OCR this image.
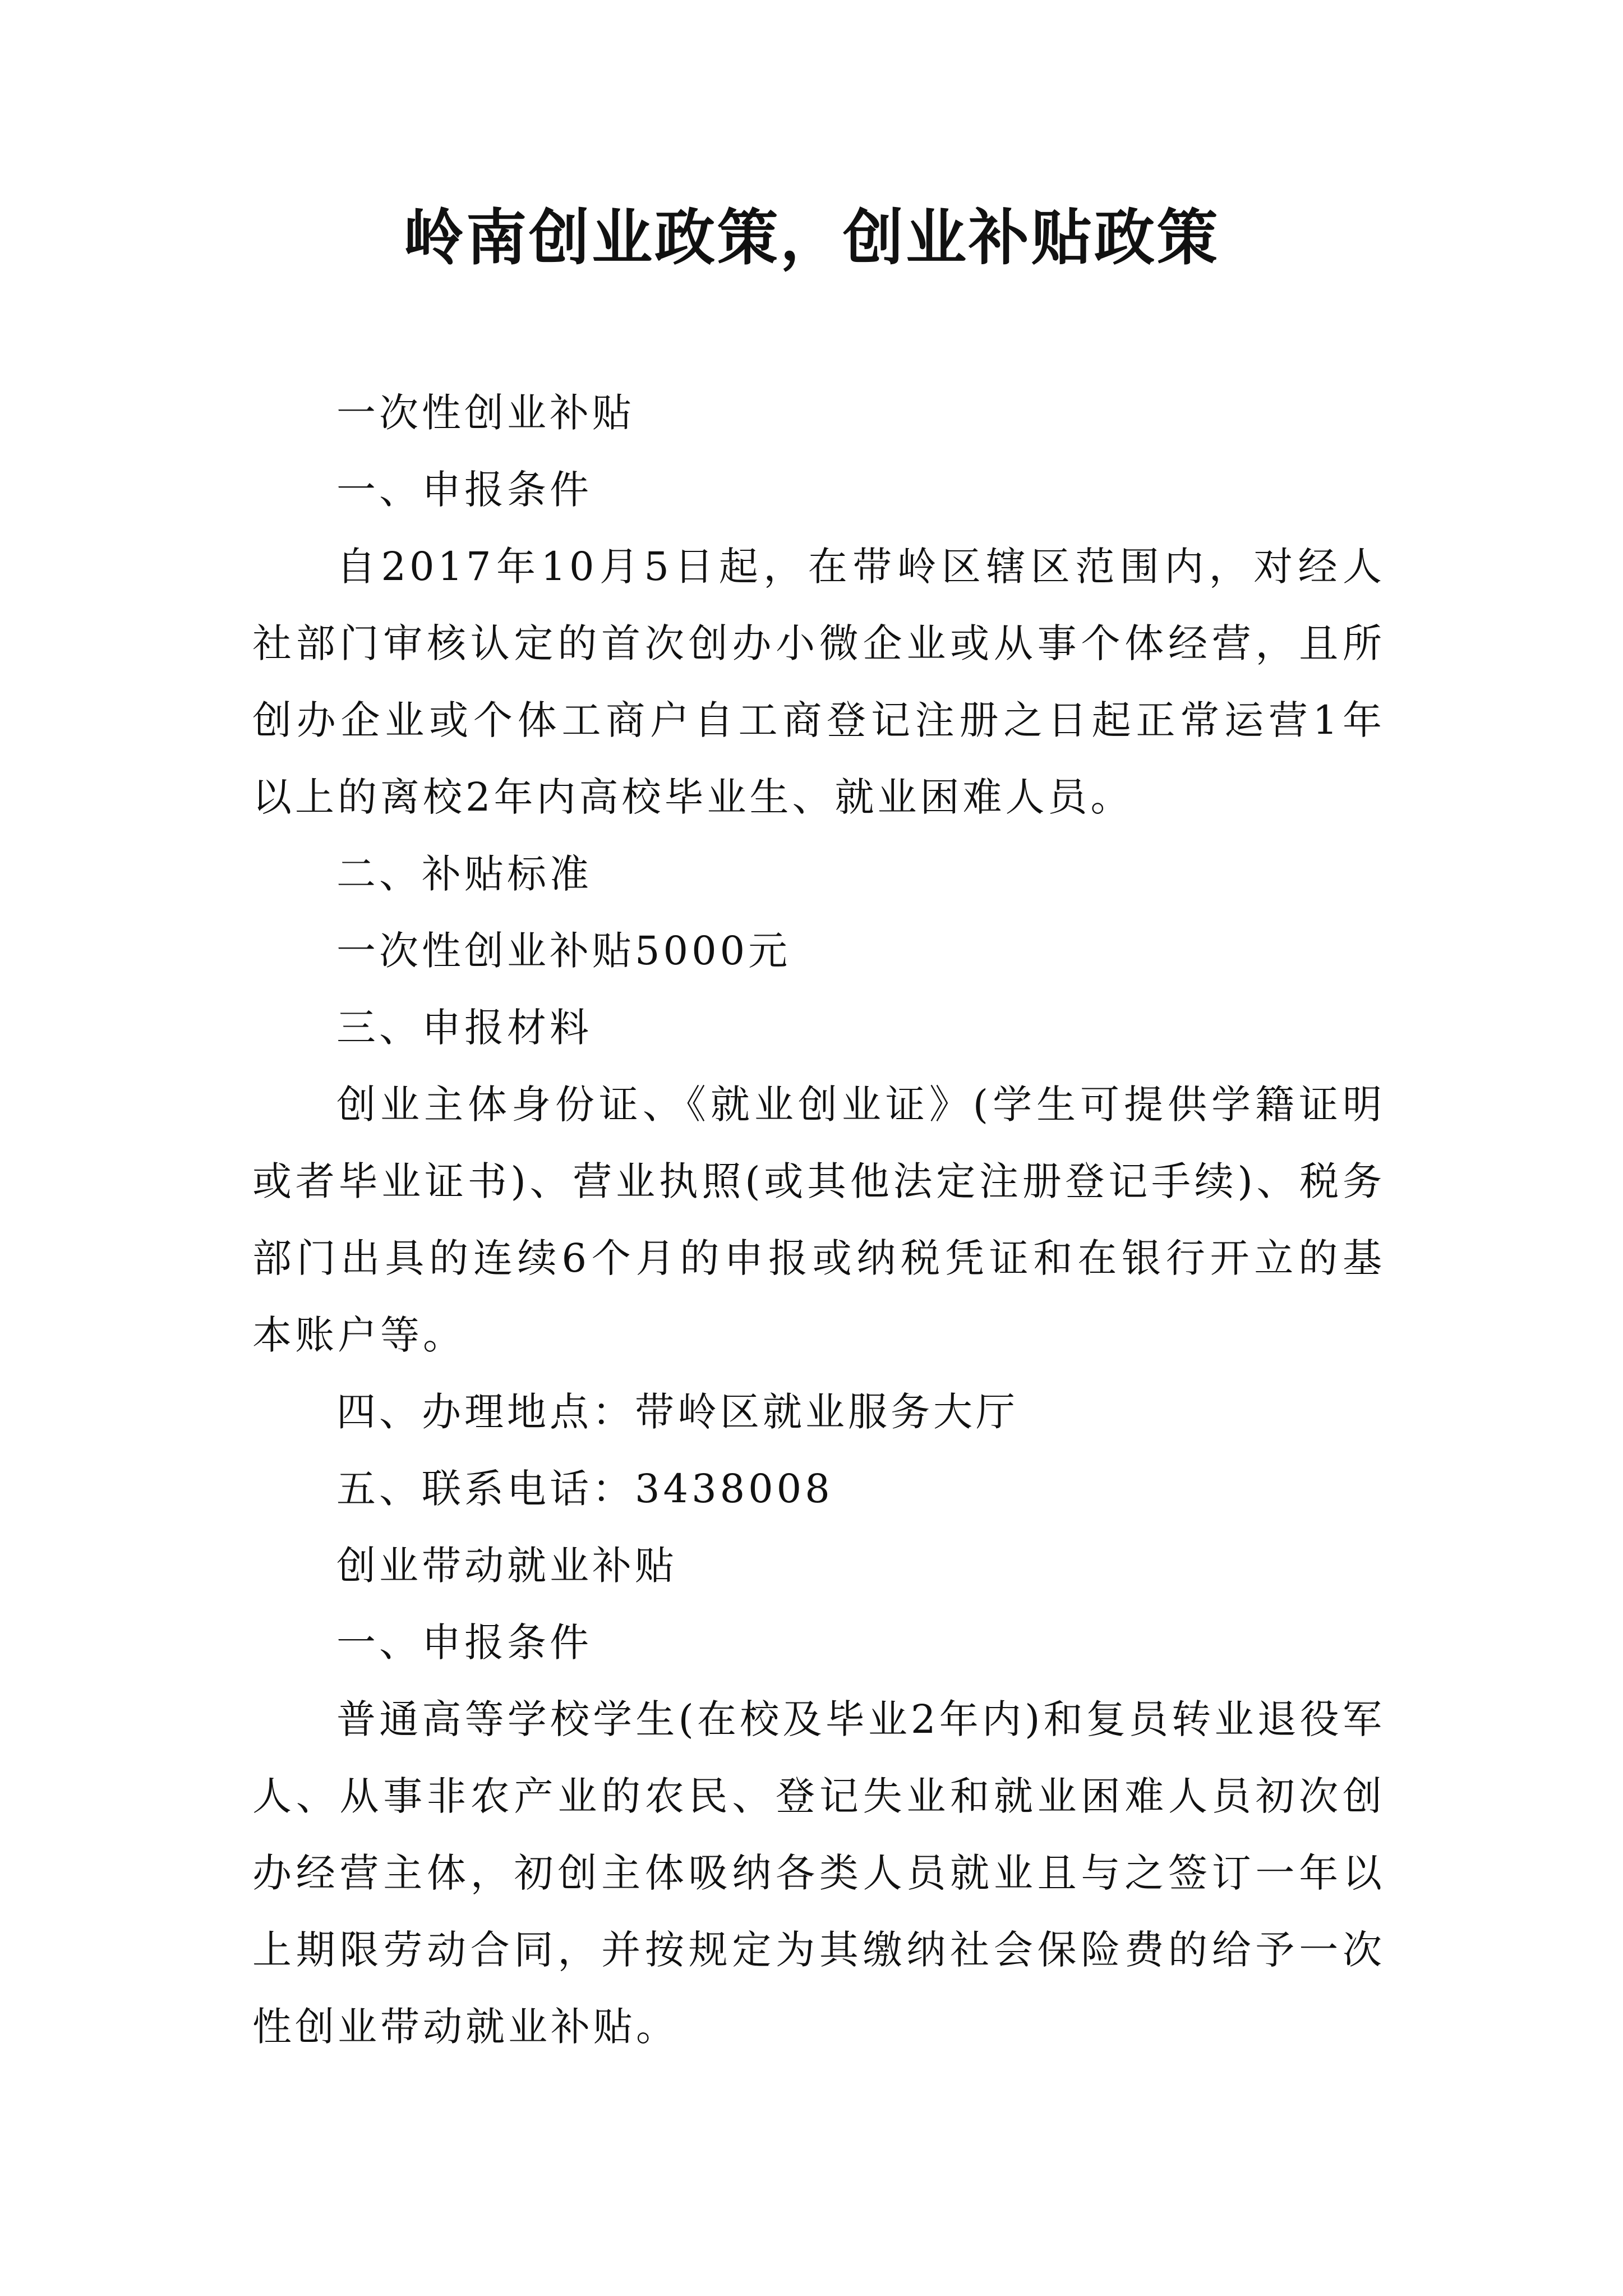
岭南创业政策，创业补贴政策

一次性创业补贴

一、申报条件

自2017年10月5日起，在带岭区辖区范围内，对经人社部门审核认定的首次创办小微企业或从事个体经营，且所创办企业或个体工商户自工商登记注册之日起正常运营1年以上的离校2年内高校毕业生、就业困难人员。

二、补贴标准

一次性创业补贴5000元

三、申报材料

创业主体身份证、《就业创业证》(学生可提供学籍证明或者毕业证书)、营业执照(或其他法定注册登记手续)、税务部门出具的连续6个月的申报或纳税凭证和在银行开立的基本账户等。

四、办理地点：带岭区就业服务大厅

五、联系电话：3438008

创业带动就业补贴

一、申报条件

普通高等学校学生(在校及毕业2年内)和复员转业退役军人、从事非农产业的农民、登记失业和就业困难人员初次创办经营主体，初创主体吸纳各类人员就业且与之签订一年以上期限劳动合同，并按规定为其缴纳社会保险费的给予一次性创业带动就业补贴。
